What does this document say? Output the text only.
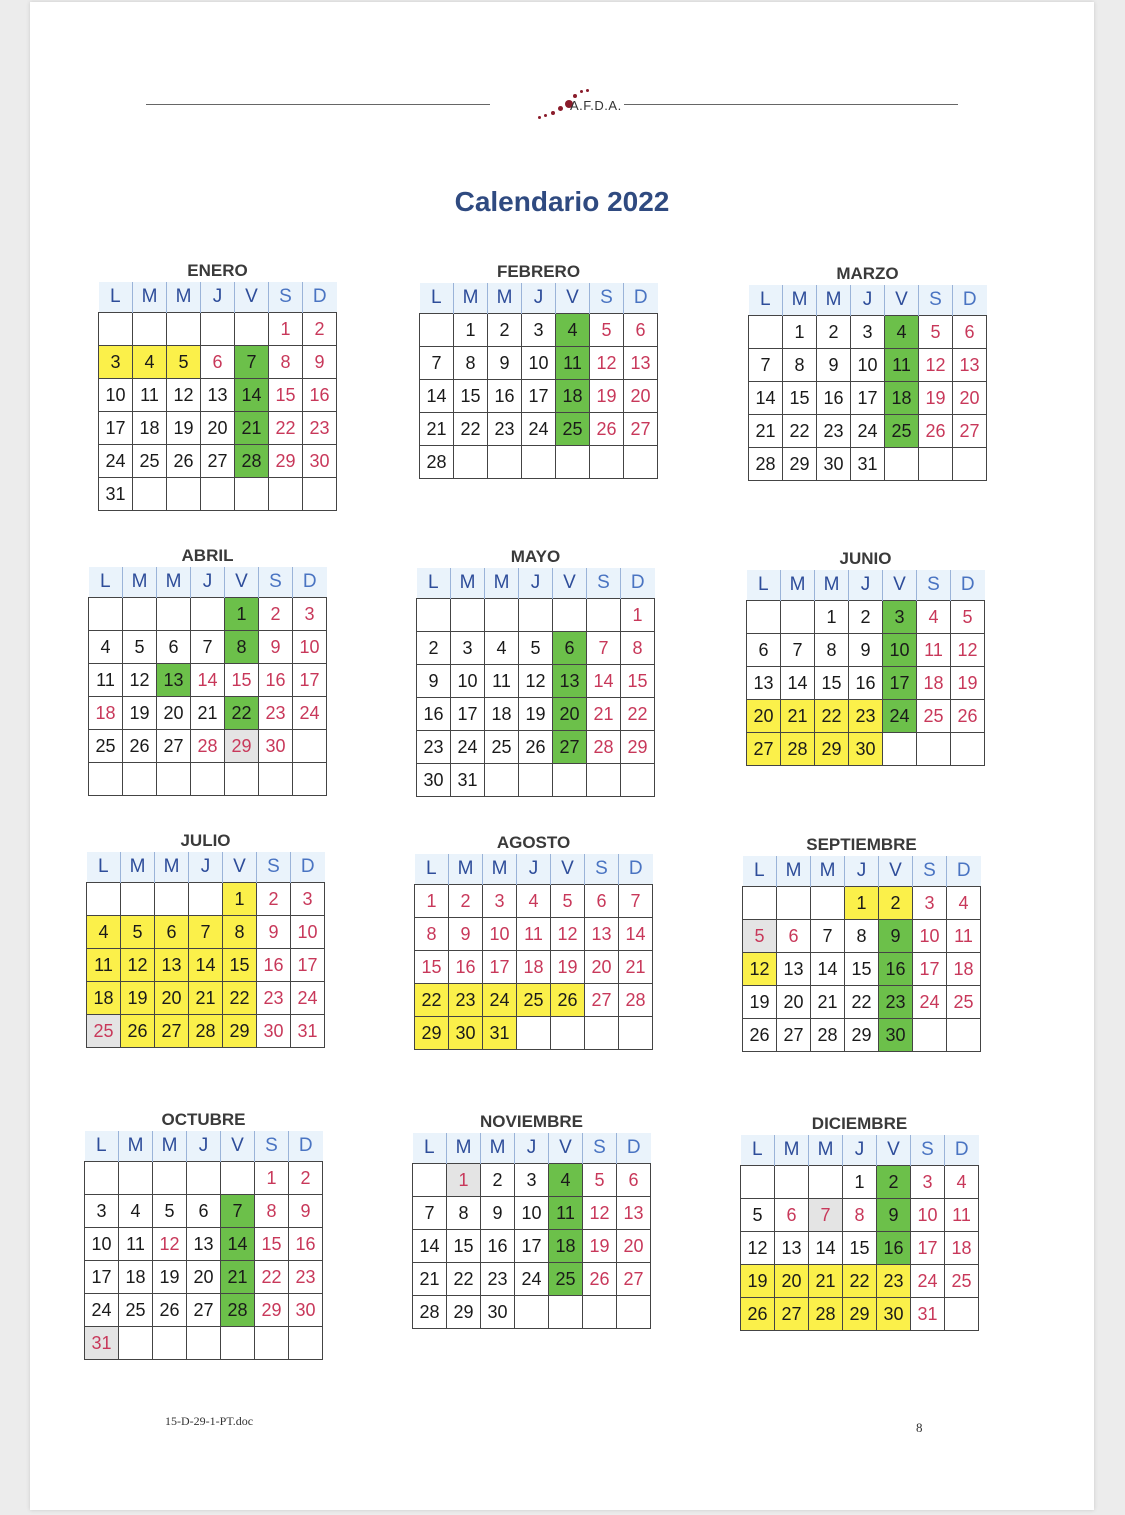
A.F.D.A.
Calendario 2022
ENERO
L	M	M	J	V	S	D
					1	2
3	4	5	6	7	8	9
10	11	12	13	14	15	16
17	18	19	20	21	22	23
24	25	26	27	28	29	30
31						
FEBRERO
L	M	M	J	V	S	D
	1	2	3	4	5	6
7	8	9	10	11	12	13
14	15	16	17	18	19	20
21	22	23	24	25	26	27
28						
MARZO
L	M	M	J	V	S	D
	1	2	3	4	5	6
7	8	9	10	11	12	13
14	15	16	17	18	19	20
21	22	23	24	25	26	27
28	29	30	31			
ABRIL
L	M	M	J	V	S	D
				1	2	3
4	5	6	7	8	9	10
11	12	13	14	15	16	17
18	19	20	21	22	23	24
25	26	27	28	29	30	

MAYO
L	M	M	J	V	S	D
						1
2	3	4	5	6	7	8
9	10	11	12	13	14	15
16	17	18	19	20	21	22
23	24	25	26	27	28	29
30	31					
JUNIO
L	M	M	J	V	S	D
		1	2	3	4	5
6	7	8	9	10	11	12
13	14	15	16	17	18	19
20	21	22	23	24	25	26
27	28	29	30			
JULIO
L	M	M	J	V	S	D
				1	2	3
4	5	6	7	8	9	10
11	12	13	14	15	16	17
18	19	20	21	22	23	24
25	26	27	28	29	30	31
AGOSTO
L	M	M	J	V	S	D
1	2	3	4	5	6	7
8	9	10	11	12	13	14
15	16	17	18	19	20	21
22	23	24	25	26	27	28
29	30	31				
SEPTIEMBRE
L	M	M	J	V	S	D
			1	2	3	4
5	6	7	8	9	10	11
12	13	14	15	16	17	18
19	20	21	22	23	24	25
26	27	28	29	30		
OCTUBRE
L	M	M	J	V	S	D
					1	2
3	4	5	6	7	8	9
10	11	12	13	14	15	16
17	18	19	20	21	22	23
24	25	26	27	28	29	30
31						
NOVIEMBRE
L	M	M	J	V	S	D
	1	2	3	4	5	6
7	8	9	10	11	12	13
14	15	16	17	18	19	20
21	22	23	24	25	26	27
28	29	30				
DICIEMBRE
L	M	M	J	V	S	D
			1	2	3	4
5	6	7	8	9	10	11
12	13	14	15	16	17	18
19	20	21	22	23	24	25
26	27	28	29	30	31	
15-D-29-1-PT.doc	8
